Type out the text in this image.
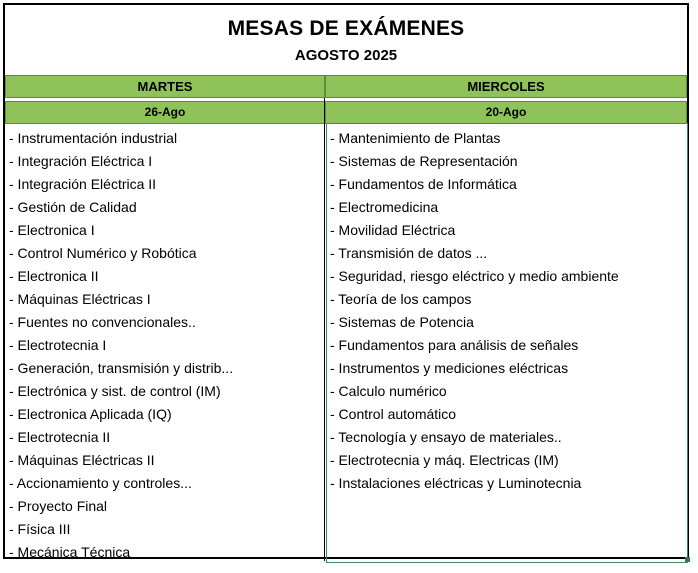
MESAS DE EXÁMENES
AGOSTO 2025
MARTES	MIERCOLES
26-Ago	20-Ago
- Instrumentación industrial
- Integración Eléctrica I
- Integración Eléctrica II
- Gestión de Calidad
- Electronica I
- Control Numérico y Robótica
- Electronica II
- Máquinas Eléctricas I
- Fuentes no convencionales..
- Electrotecnia I
- Generación, transmisión y distrib...
- Electrónica y sist. de control (IM)
- Electronica Aplicada (IQ)
- Electrotecnia II
- Máquinas Eléctricas II
- Accionamiento y controles...
- Proyecto Final
- Física III
- Mecánica Técnica
- Mantenimiento de Plantas
- Sistemas de Representación
- Fundamentos de Informática
- Electromedicina
- Movilidad Eléctrica
- Transmisión de datos ...
- Seguridad, riesgo eléctrico y medio ambiente
- Teoría de los campos
- Sistemas de Potencia
- Fundamentos para análisis de señales
- Instrumentos y mediciones eléctricas
- Calculo numérico
- Control automático
- Tecnología y ensayo de materiales..
- Electrotecnia y máq. Electricas (IM)
- Instalaciones eléctricas y Luminotecnia
